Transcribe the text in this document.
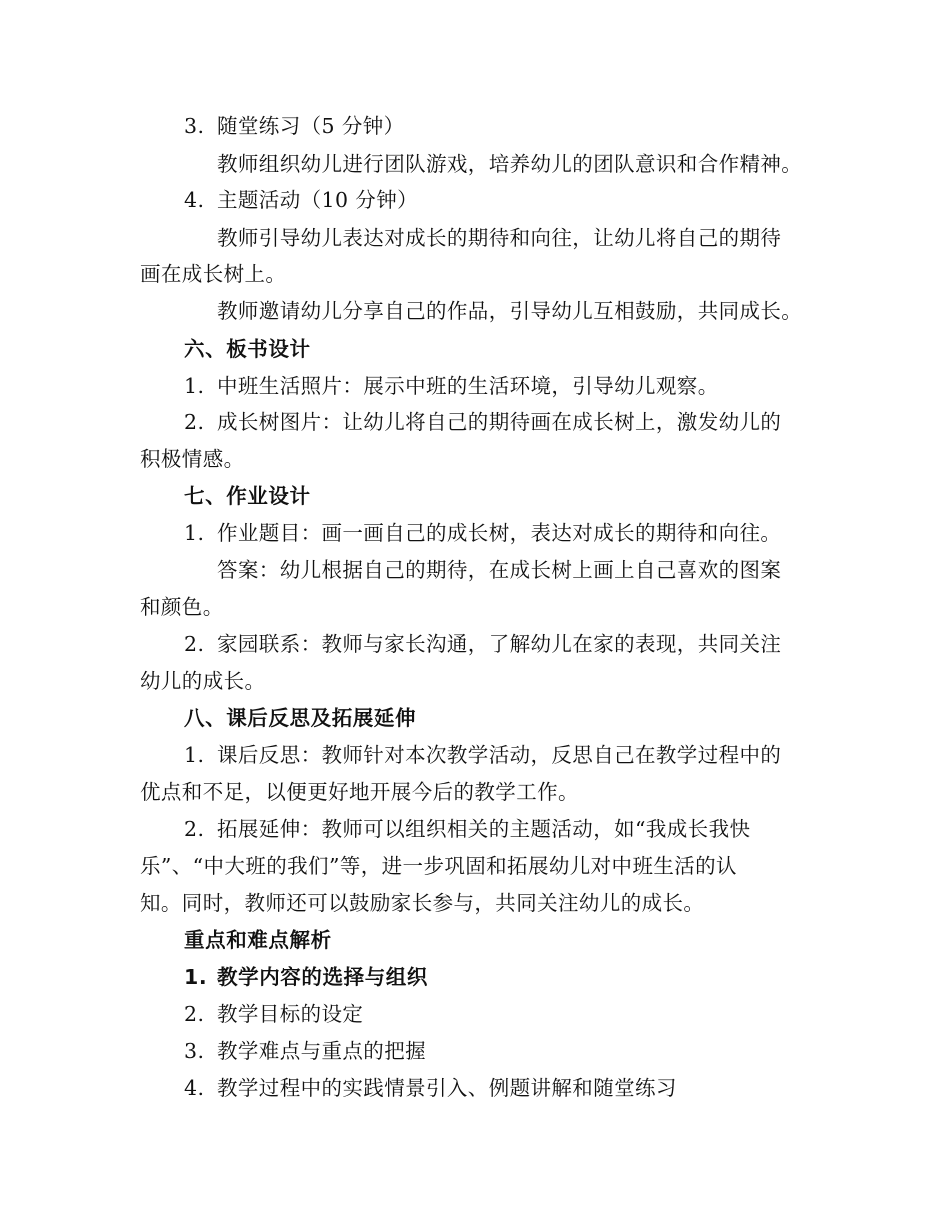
3. 随堂练习（5 分钟）
教师组织幼儿进行团队游戏，培养幼儿的团队意识和合作精神。
4. 主题活动（10 分钟）
教师引导幼儿表达对成长的期待和向往，让幼儿将自己的期待
画在成长树上。
教师邀请幼儿分享自己的作品，引导幼儿互相鼓励，共同成长。
六、板书设计
1. 中班生活照片：展示中班的生活环境，引导幼儿观察。
2. 成长树图片：让幼儿将自己的期待画在成长树上，激发幼儿的
积极情感。
七、作业设计
1. 作业题目：画一画自己的成长树，表达对成长的期待和向往。
答案：幼儿根据自己的期待，在成长树上画上自己喜欢的图案
和颜色。
2. 家园联系：教师与家长沟通，了解幼儿在家的表现，共同关注
幼儿的成长。
八、课后反思及拓展延伸
1. 课后反思：教师针对本次教学活动，反思自己在教学过程中的
优点和不足，以便更好地开展今后的教学工作。
2. 拓展延伸：教师可以组织相关的主题活动，如“我成长我快
乐”、“中大班的我们”等，进一步巩固和拓展幼儿对中班生活的认
知。同时，教师还可以鼓励家长参与，共同关注幼儿的成长。
重点和难点解析
1. 教学内容的选择与组织
2. 教学目标的设定
3. 教学难点与重点的把握
4. 教学过程中的实践情景引入、例题讲解和随堂练习
